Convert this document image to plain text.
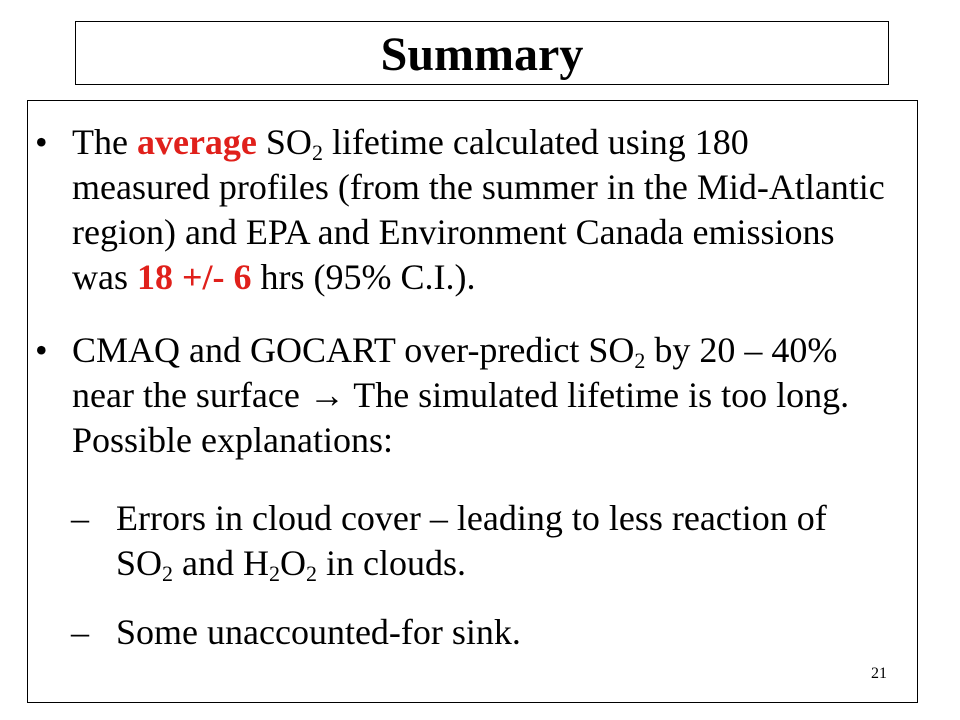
Summary
• The average $SO_2$ lifetime calculated using 180 measured profiles (from the summer in the Mid-Atlantic region) and EPA and Environment Canada emissions was 18 +/- 6 hrs (95% C.I.).
• CMAQ and GOCART over-predict $SO_2$ by 20 – 40% near the surface → The simulated lifetime is too long. Possible explanations:
– Errors in cloud cover – leading to less reaction of $SO_2$ and $H_2O_2$ in clouds.
– Some unaccounted-for sink.
21
